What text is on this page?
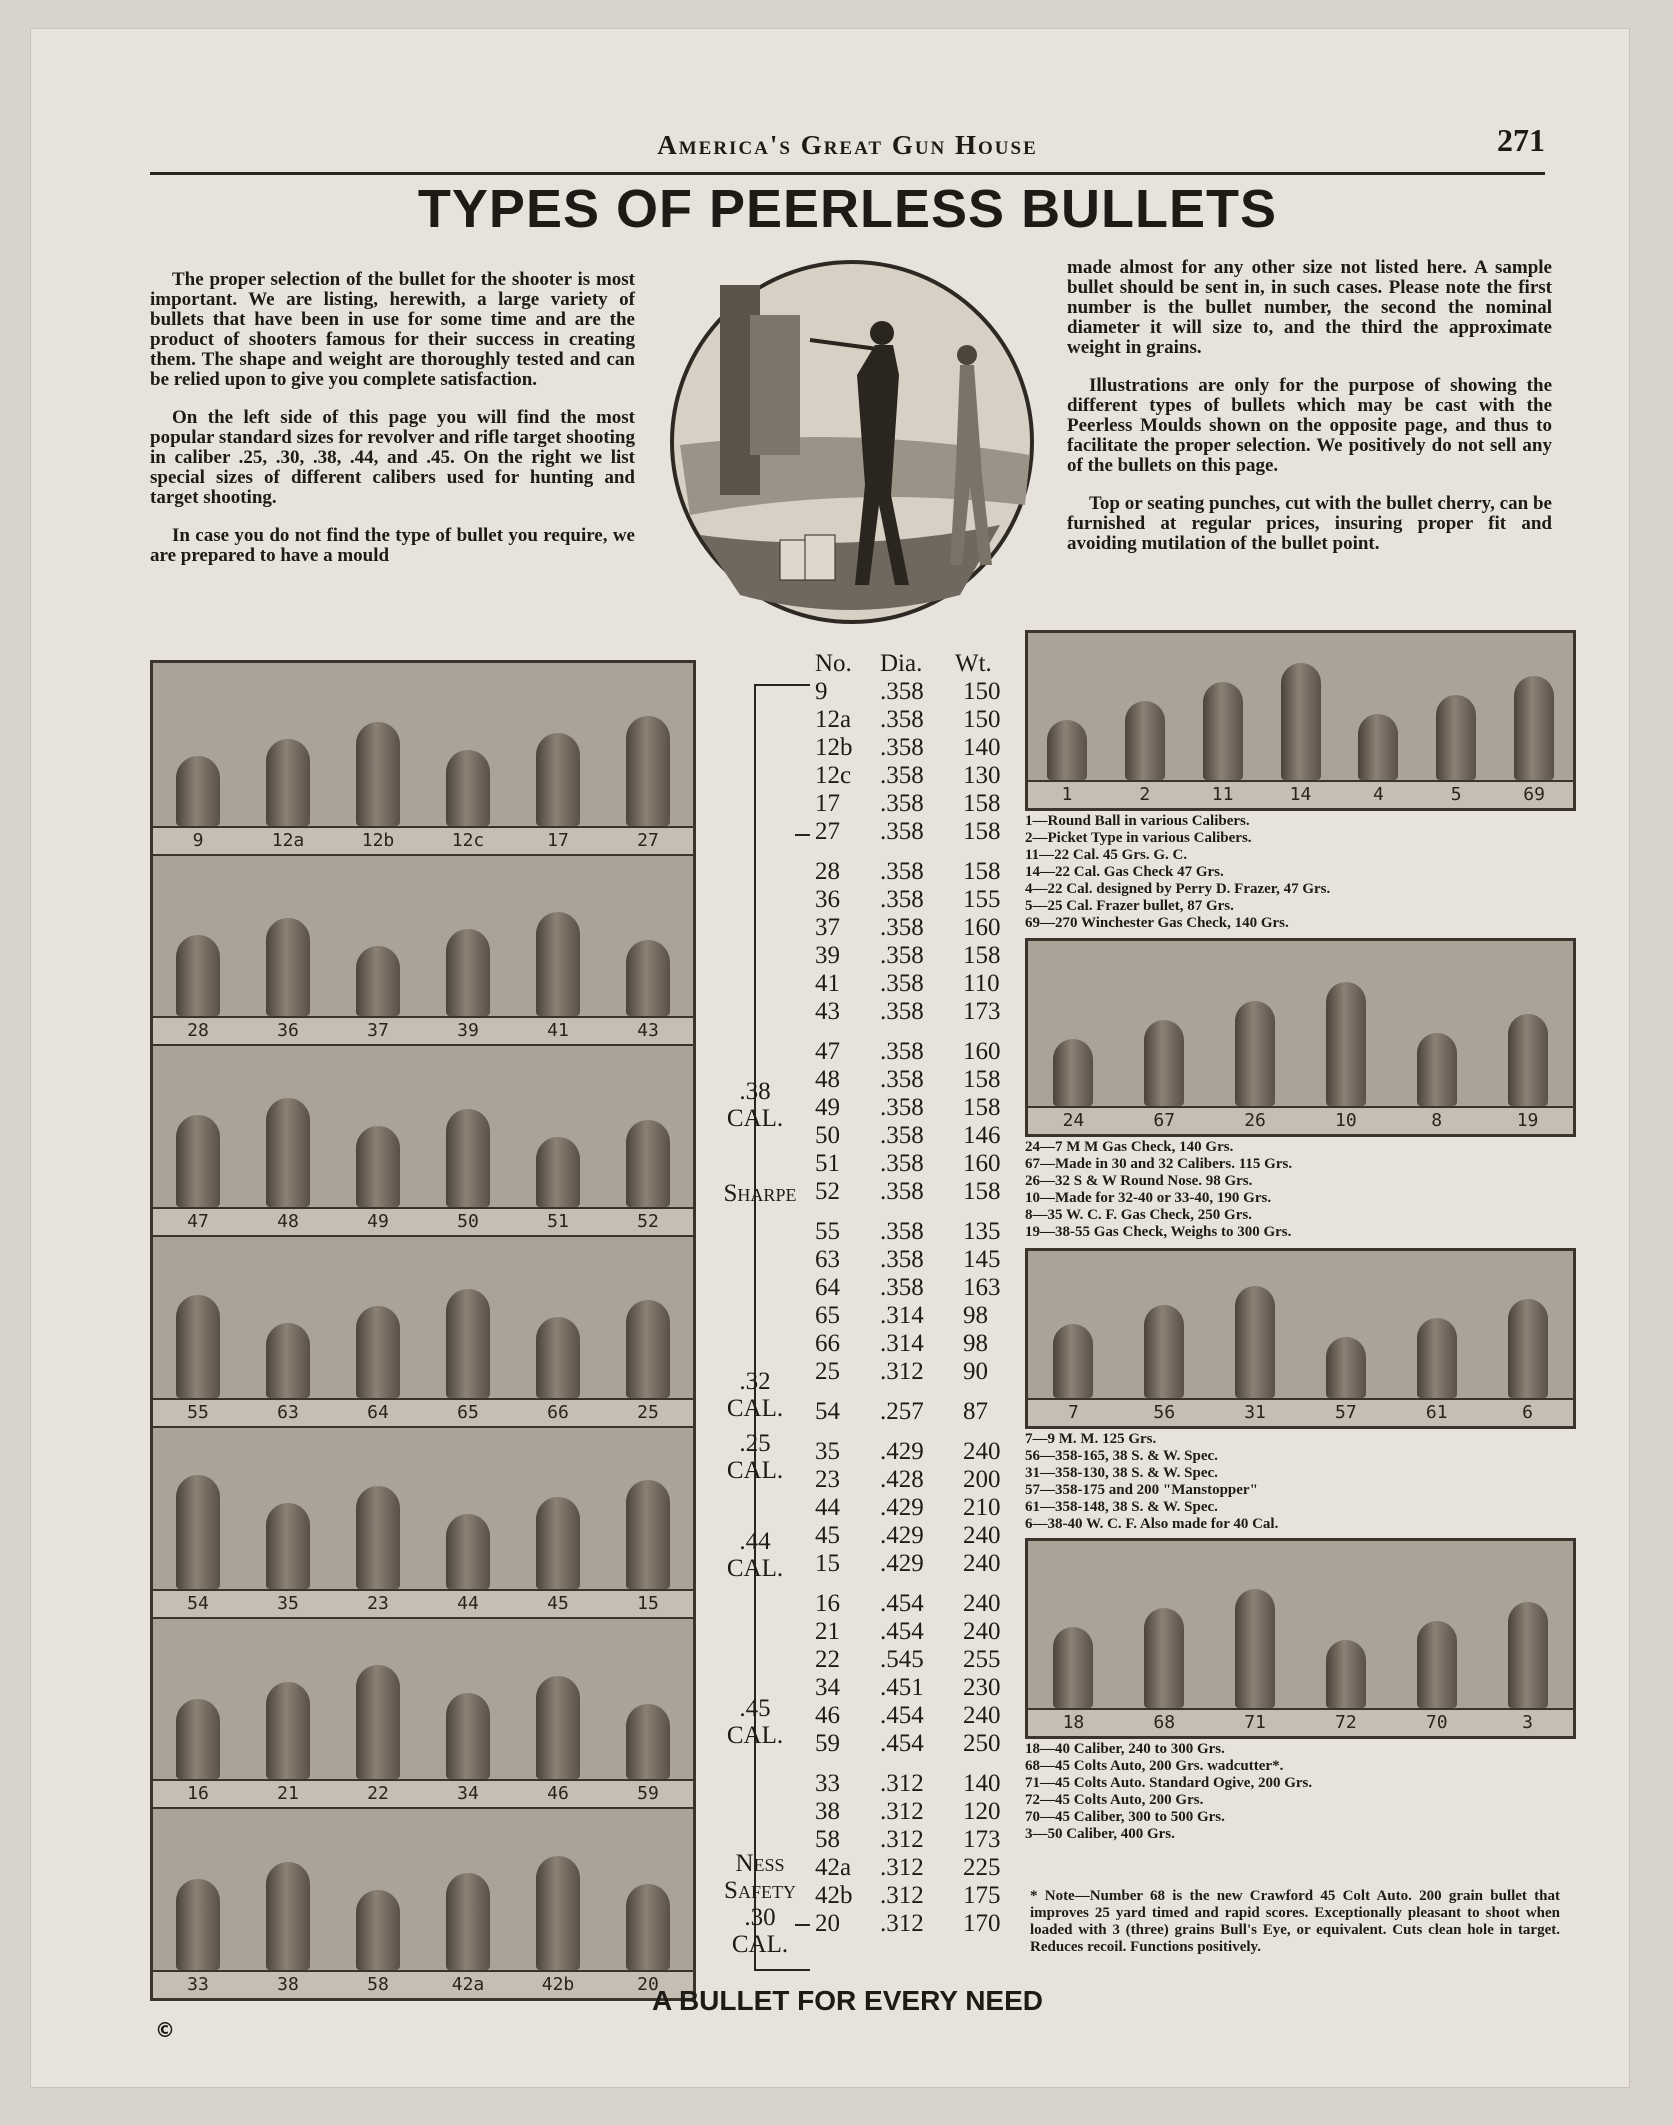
America's Great Gun House	271
TYPES OF PEERLESS BULLETS

The proper selection of the bullet for the shooter is most important. We are listing, herewith, a large variety of bullets that have been in use for some time and are the product of shooters famous for their success in creating them. The shape and weight are thoroughly tested and can be relied upon to give you complete satisfaction.

On the left side of this page you will find the most popular standard sizes for revolver and rifle target shooting in caliber .25, .30, .38, .44, and .45. On the right we list special sizes of different calibers used for hunting and target shooting.

In case you do not find the type of bullet you require, we are prepared to have a mould

made almost for any other size not listed here. A sample bullet should be sent in, in such cases. Please note the first number is the bullet number, the second the nominal diameter it will size to, and the third the approximate weight in grains.

Illustrations are only for the purpose of showing the different types of bullets which may be cast with the Peerless Moulds shown on the opposite page, and thus to facilitate the proper selection. We positively do not sell any of the bullets on this page.

Top or seating punches, cut with the bullet cherry, can be furnished at regular prices, insuring proper fit and avoiding mutilation of the bullet point.

9	12a	12b	12c	17	27
28	36	37	39	41	43
47	48	49	50	51	52
55	63	64	65	66	25
54	35	23	44	45	15
16	21	22	34	46	59
33	38	58	42a	42b	20
No. Dia. Wt.
9 .358 150
12a .358 150
12b .358 140
12c .358 130
17 .358 158
27 .358 158
28 .358 158
36 .358 155
37 .358 160
39 .358 158
41 .358 110
43 .358 173
47 .358 160
48 .358 158
49 .358 158
50 .358 146
51 .358 160
52 .358 158
55 .358 135
63 .358 145
64 .358 163
65 .314 98
66 .314 98
25 .312 90
54 .257 87
35 .429 240
23 .428 200
44 .429 210
45 .429 240
15 .429 240
16 .454 240
21 .454 240
22 .545 255
34 .451 230
46 .454 240
59 .454 250
33 .312 140
38 .312 120
58 .312 173
42a .312 225
42b .312 175
20 .312 170
.38
CAL.
Sharpe
.32
CAL.
.25
CAL.
.44
CAL.
.45
CAL.
Ness
Safety
.30
CAL.
1	2	11	14	4	5	69
1—Round Ball in various Calibers.
2—Picket Type in various Calibers.
11—22 Cal. 45 Grs. G. C.
14—22 Cal. Gas Check 47 Grs.
4—22 Cal. designed by Perry D. Frazer, 47 Grs.
5—25 Cal. Frazer bullet, 87 Grs.
69—270 Winchester Gas Check, 140 Grs.
24	67	26	10	8	19
24—7 M M Gas Check, 140 Grs.
67—Made in 30 and 32 Calibers. 115 Grs.
26—32 S & W Round Nose. 98 Grs.
10—Made for 32-40 or 33-40, 190 Grs.
8—35 W. C. F. Gas Check, 250 Grs.
19—38-55 Gas Check, Weighs to 300 Grs.
7	56	31	57	61	6
7—9 M. M. 125 Grs.
56—358-165, 38 S. & W. Spec.
31—358-130, 38 S. & W. Spec.
57—358-175 and 200 "Manstopper"
61—358-148, 38 S. & W. Spec.
6—38-40 W. C. F. Also made for 40 Cal.
18	68	71	72	70	3
18—40 Caliber, 240 to 300 Grs.
68—45 Colts Auto, 200 Grs. wadcutter*.
71—45 Colts Auto. Standard Ogive, 200 Grs.
72—45 Colts Auto, 200 Grs.
70—45 Caliber, 300 to 500 Grs.
3—50 Caliber, 400 Grs.
* Note—Number 68 is the new Crawford 45 Colt Auto. 200 grain bullet that improves 25 yard timed and rapid scores. Exceptionally pleasant to shoot when loaded with 3 (three) grains Bull's Eye, or equivalent. Cuts clean hole in target. Reduces recoil. Functions positively.
A BULLET FOR EVERY NEED
©
